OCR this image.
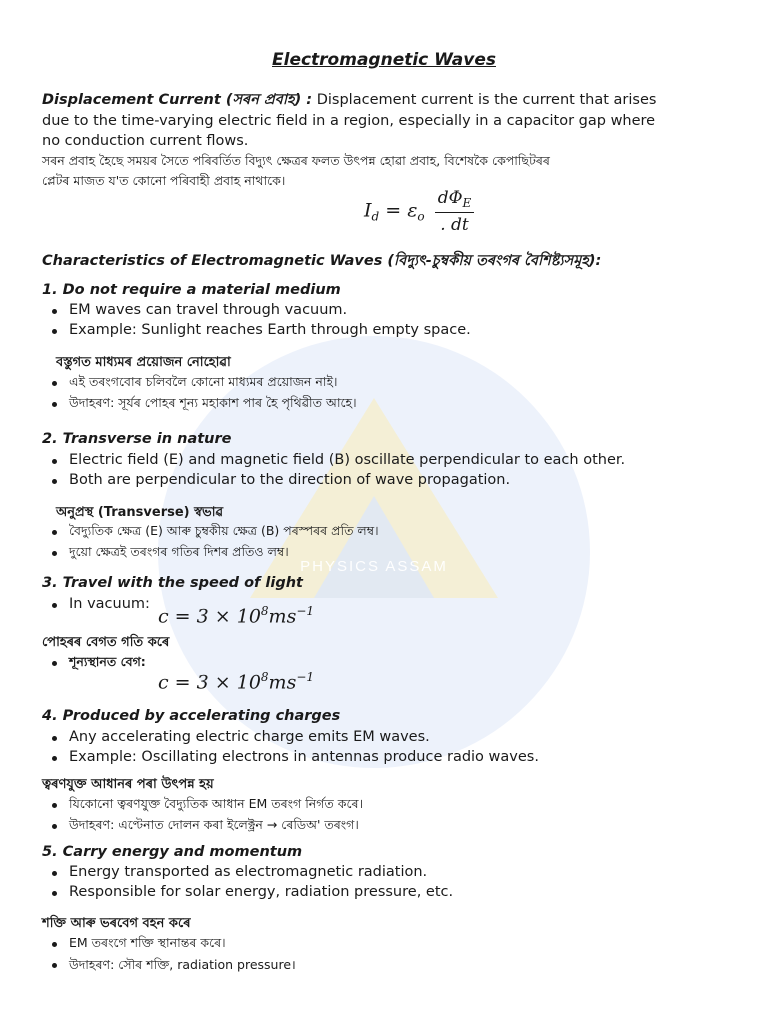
PHYSICS ASSAM
Electromagnetic Waves
Displacement Current (সৰন প্ৰবাহ) : Displacement current is the current that arises
due to the time-varying electric field in a region, especially in a capacitor gap where
no conduction current flows.
সৰন প্ৰবাহ হৈছে সময়ৰ সৈতে পৰিবৰ্তিত বিদ্যুৎ ক্ষেত্ৰৰ ফলত উৎপন্ন হোৱা প্ৰবাহ, বিশেষকৈ কেপাছিটৰৰ
প্লেটৰ মাজত য'ত কোনো পৰিবাহী প্ৰবাহ নাথাকে।
$I_d = \varepsilon_o \frac{d\Phi_E}{. dt}$
Characteristics of Electromagnetic Waves (বিদ্যুৎ-চুম্বকীয় তৰংগৰ বৈশিষ্ট্যসমূহ):
1. Do not require a material medium
EM waves can travel through vacuum.
Example: Sunlight reaches Earth through empty space.
বস্তুগত মাধ্যমৰ প্ৰয়োজন নোহোৱা
এই তৰংগবোৰ চলিবলৈ কোনো মাধ্যমৰ প্ৰয়োজন নাই।
উদাহৰণ: সূৰ্যৰ পোহৰ শূন্য মহাকাশ পাৰ হৈ পৃথিৱীত আহে।
2. Transverse in nature
Electric field (E) and magnetic field (B) oscillate perpendicular to each other.
Both are perpendicular to the direction of wave propagation.
অনুপ্ৰস্থ (Transverse) স্বভাৱ
বৈদ্যুতিক ক্ষেত্ৰ (E) আৰু চুম্বকীয় ক্ষেত্ৰ (B) পৰস্পৰৰ প্ৰতি লম্ব।
দুয়ো ক্ষেত্ৰই তৰংগৰ গতিৰ দিশৰ প্ৰতিও লম্ব।
3. Travel with the speed of light
In vacuum:
$c = 3 \times 10^8ms^{-1}$
পোহৰৰ বেগত গতি কৰে
শূন্যস্থানত বেগ:
$c = 3 \times 10^8ms^{-1}$
4. Produced by accelerating charges
Any accelerating electric charge emits EM waves.
Example: Oscillating electrons in antennas produce radio waves.
ত্বৰণযুক্ত আধানৰ পৰা উৎপন্ন হয়
যিকোনো ত্বৰণযুক্ত বৈদ্যুতিক আধান EM তৰংগ নিৰ্গত কৰে।
উদাহৰণ: এণ্টেনাত দোলন কৰা ইলেক্ট্ৰন → ৰেডিঅ' তৰংগ।
5. Carry energy and momentum
Energy transported as electromagnetic radiation.
Responsible for solar energy, radiation pressure, etc.
শক্তি আৰু ভৰবেগ বহন কৰে
EM তৰংগে শক্তি স্থানান্তৰ কৰে।
উদাহৰণ: সৌৰ শক্তি, radiation pressure।
